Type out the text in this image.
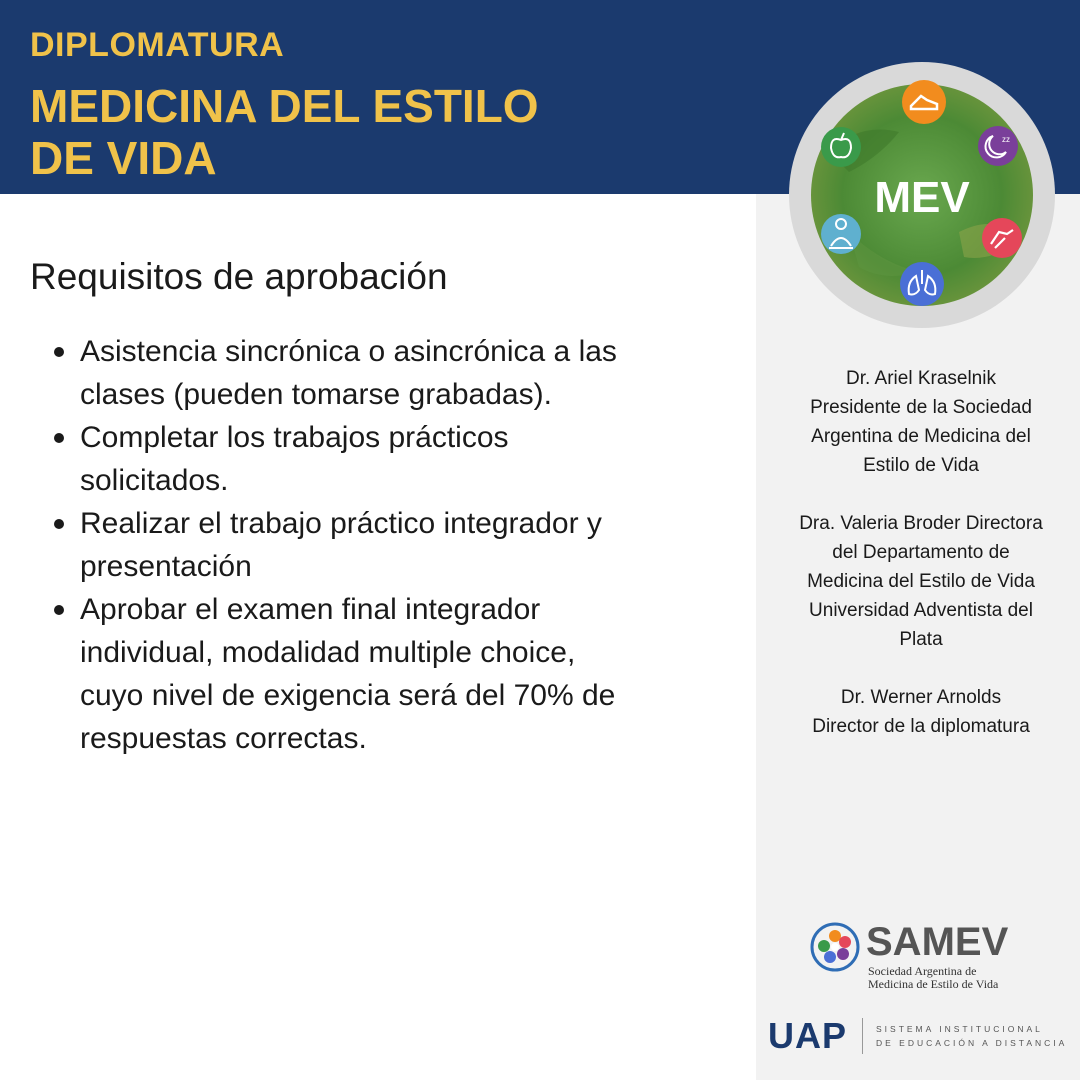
DIPLOMATURA
MEDICINA DEL ESTILO
DE VIDA
MEV
zz
Requisitos de aprobación
Asistencia sincrónica o asincrónica a las
clases (pueden tomarse grabadas).
Completar los trabajos prácticos
solicitados.
Realizar el trabajo práctico integrador y
presentación
Aprobar el examen final integrador
individual, modalidad multiple choice,
cuyo nivel de exigencia será del 70% de
respuestas correctas.
Dr. Ariel Kraselnik
Presidente de la Sociedad
Argentina de Medicina del
Estilo de Vida
Dra. Valeria Broder Directora
del Departamento de
Medicina del Estilo de Vida
Universidad Adventista del
Plata
Dr. Werner Arnolds
Director de la diplomatura
SAMEV
Sociedad Argentina de
Medicina de Estilo de Vida
UAP	SISTEMA INSTITUCIONAL
DE EDUCACIÓN A DISTANCIA
